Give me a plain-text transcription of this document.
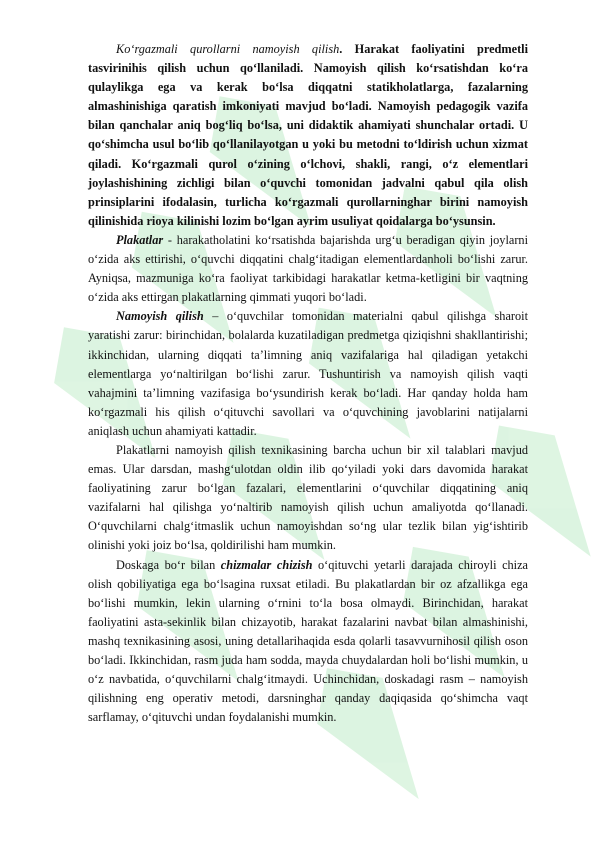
Ko‘rgazmali qurollarni namoyish qilish. Harakat faoliyatini predmetli tasvirinihis qilish uchun qo‘llaniladi. Namoyish qilish ko‘rsatishdan ko‘ra qulaylikga ega va kerak bo‘lsa diqqatni statikholatlarga, fazalarning almashinishiga qaratish imkoniyati mavjud bo‘ladi. Namoyish pedagogik vazifa bilan qanchalar aniq bog‘liq bo‘lsa, uni didaktik ahamiyati shunchalar ortadi. U qo‘shimcha usul bo‘lib qo‘llanilayotgan u yoki bu metodni to‘ldirish uchun xizmat qiladi. Ko‘rgazmali qurol o‘zining o‘lchovi, shakli, rangi, o‘z elementlari joylashishining zichligi bilan o‘quvchi tomonidan jadvalni qabul qila olish prinsiplarini ifodalasin, turlicha ko‘rgazmali qurollarninghar birini namoyish qilinishida rioya kilinishi lozim bo‘lgan ayrim usuliyat qoidalarga bo‘ysunsin.

Plakatlar - harakatholatini ko‘rsatishda bajarishda urg‘u beradigan qiyin joylarni o‘zida aks ettirishi, o‘quvchi diqqatini chalg‘itadigan elementlardanholi bo‘lishi zarur. Ayniqsa, mazmuniga ko‘ra faoliyat tarkibidagi harakatlar ketma-ketligini bir vaqtning o‘zida aks ettirgan plakatlarning qimmati yuqori bo‘ladi.

Namoyish qilish – o‘quvchilar tomonidan materialni qabul qilishga sharoit yaratishi zarur: birinchidan, bolalarda kuzatiladigan predmetga qiziqishni shakllantirishi; ikkinchidan, ularning diqqati ta’limning aniq vazifalariga hal qiladigan yetakchi elementlarga yo‘naltirilgan bo‘lishi zarur. Tushuntirish va namoyish qilish vaqti vahajmini ta’limning vazifasiga bo‘ysundirish kerak bo‘ladi. Har qanday holda ham ko‘rgazmali his qilish o‘qituvchi savollari va o‘quvchining javoblarini natijalarni aniqlash uchun ahamiyati kattadir.

Plakatlarni namoyish qilish texnikasining barcha uchun bir xil talablari mavjud emas. Ular darsdan, mashg‘ulotdan oldin ilib qo‘yiladi yoki dars davomida harakat faoliyatining zarur bo‘lgan fazalari, elementlarini o‘quvchilar diqqatining aniq vazifalarni hal qilishga yo‘naltirib namoyish qilish uchun amaliyotda qo‘llanadi. O‘quvchilarni chalg‘itmaslik uchun namoyishdan so‘ng ular tezlik bilan yig‘ishtirib olinishi yoki joiz bo‘lsa, qoldirilishi ham mumkin.

Doskaga bo‘r bilan chizmalar chizish o‘qituvchi yetarli darajada chiroyli chiza olish qobiliyatiga ega bo‘lsagina ruxsat etiladi. Bu plakatlardan bir oz afzallikga ega bo‘lishi mumkin, lekin ularning o‘rnini to‘la bosa olmaydi. Birinchidan, harakat faoliyatini asta-sekinlik bilan chizayotib, harakat fazalarini navbat bilan almashinishi, mashq texnikasining asosi, uning detallarihaqida esda qolarli tasavvurnihosil qilish oson bo‘ladi. Ikkinchidan, rasm juda ham sodda, mayda chuydalardan holi bo‘lishi mumkin, u o‘z navbatida, o‘quvchilarni chalg‘itmaydi. Uchinchidan, doskadagi rasm – namoyish qilishning eng operativ metodi, darsninghar qanday daqiqasida qo‘shimcha vaqt sarflamay, o‘qituvchi undan foydalanishi mumkin.
